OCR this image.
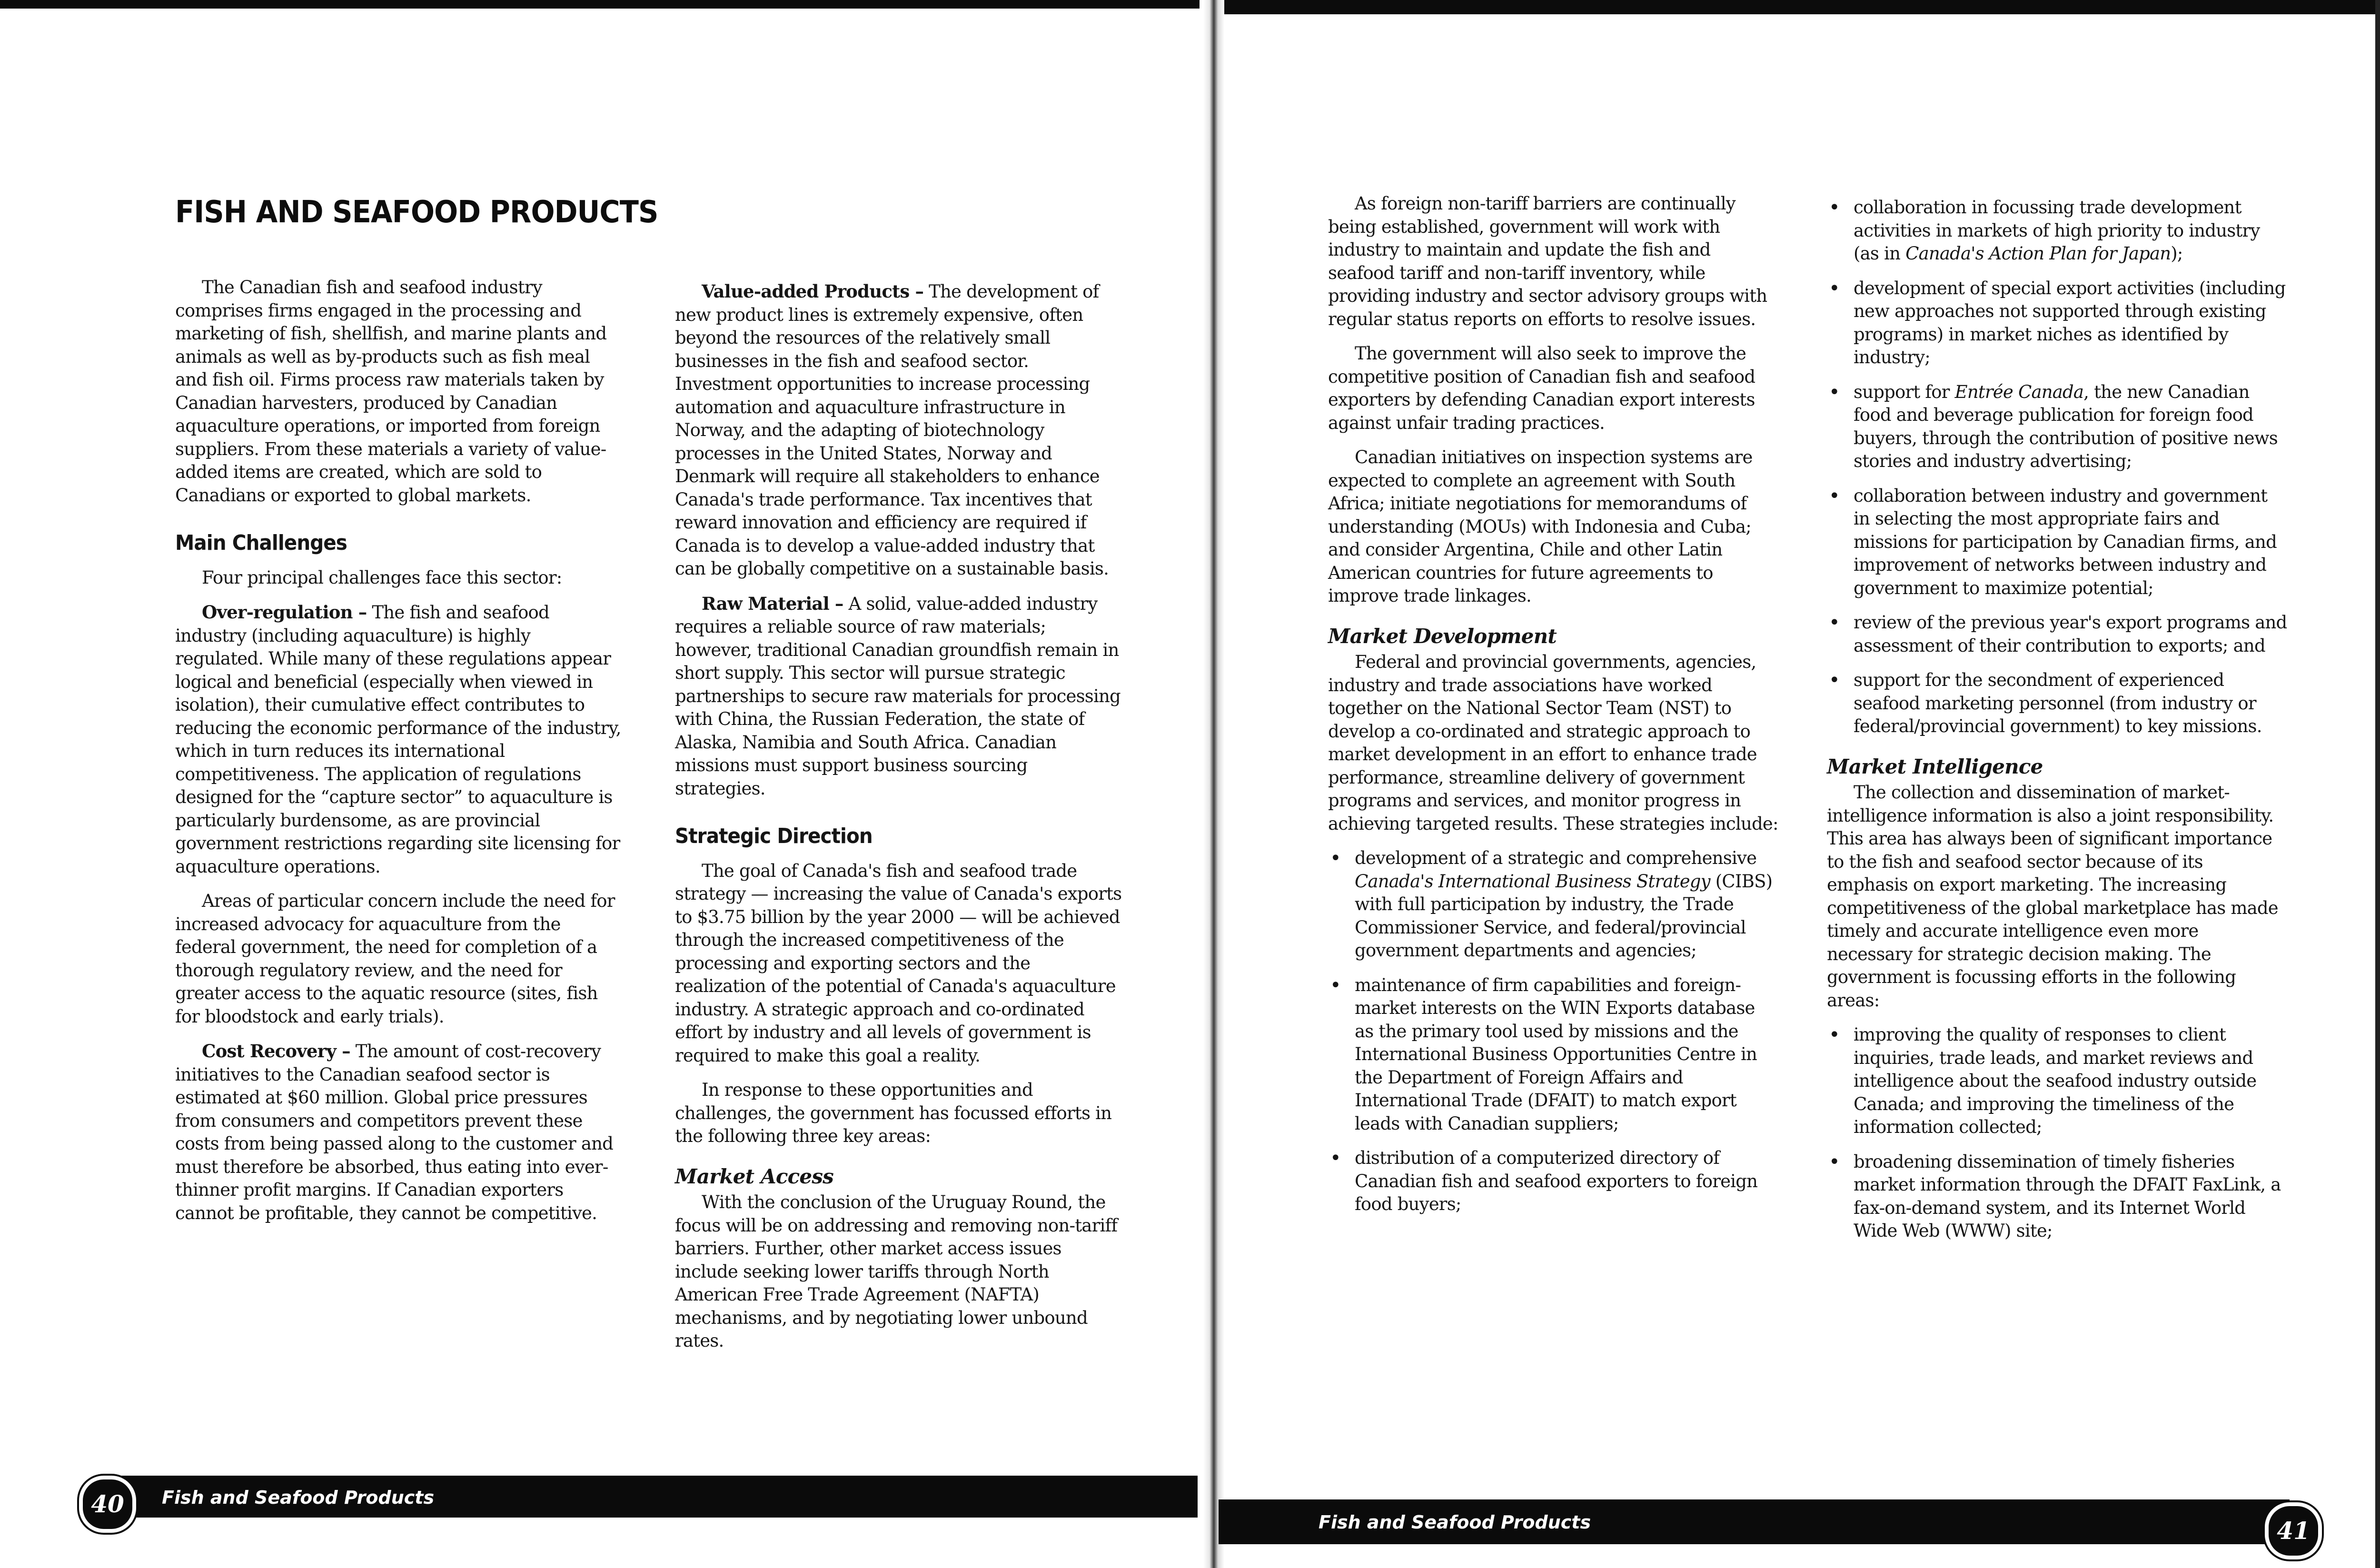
FISH AND SEAFOOD PRODUCTS

The Canadian fish and seafood industry comprises firms engaged in the processing and marketing of fish, shellfish, and marine plants and animals as well as by-products such as fish meal and fish oil. Firms process raw materials taken by Canadian harvesters, produced by Canadian aquaculture operations, or imported from foreign suppliers. From these materials a variety of value-added items are created, which are sold to Canadians or exported to global markets.

Main Challenges

Four principal challenges face this sector:

Over-regulation – The fish and seafood industry (including aquaculture) is highly regulated. While many of these regulations appear logical and beneficial (especially when viewed in isolation), their cumulative effect contributes to reducing the economic performance of the industry, which in turn reduces its international competitiveness. The application of regulations designed for the “capture sector” to aquaculture is particularly burdensome, as are provincial government restrictions regarding site licensing for aquaculture operations.

Areas of particular concern include the need for increased advocacy for aquaculture from the federal government, the need for completion of a thorough regulatory review, and the need for greater access to the aquatic resource (sites, fish for bloodstock and early trials).

Cost Recovery – The amount of cost-recovery initiatives to the Canadian seafood sector is estimated at $60 million. Global price pressures from consumers and competitors prevent these costs from being passed along to the customer and must therefore be absorbed, thus eating into ever-thinner profit margins. If Canadian exporters cannot be profitable, they cannot be competitive.

Value-added Products – The development of new product lines is extremely expensive, often beyond the resources of the relatively small businesses in the fish and seafood sector. Investment opportunities to increase processing automation and aquaculture infrastructure in Norway, and the adapting of biotechnology processes in the United States, Norway and Denmark will require all stakeholders to enhance Canada's trade performance. Tax incentives that reward innovation and efficiency are required if Canada is to develop a value-added industry that can be globally competitive on a sustainable basis.

Raw Material – A solid, value-added industry requires a reliable source of raw materials; however, traditional Canadian groundfish remain in short supply. This sector will pursue strategic partnerships to secure raw materials for processing with China, the Russian Federation, the state of Alaska, Namibia and South Africa. Canadian missions must support business sourcing strategies.

Strategic Direction

The goal of Canada's fish and seafood trade strategy — increasing the value of Canada's exports to $3.75 billion by the year 2000 — will be achieved through the increased competitiveness of the processing and exporting sectors and the realization of the potential of Canada's aquaculture industry. A strategic approach and co-ordinated effort by industry and all levels of government is required to make this goal a reality.

In response to these opportunities and challenges, the government has focussed efforts in the following three key areas:

Market Access

With the conclusion of the Uruguay Round, the focus will be on addressing and removing non-tariff barriers. Further, other market access issues include seeking lower tariffs through North American Free Trade Agreement (NAFTA) mechanisms, and by negotiating lower unbound rates.

As foreign non-tariff barriers are continually being established, government will work with industry to maintain and update the fish and seafood tariff and non-tariff inventory, while providing industry and sector advisory groups with regular status reports on efforts to resolve issues.

The government will also seek to improve the competitive position of Canadian fish and seafood exporters by defending Canadian export interests against unfair trading practices.

Canadian initiatives on inspection systems are expected to complete an agreement with South Africa; initiate negotiations for memorandums of understanding (MOUs) with Indonesia and Cuba; and consider Argentina, Chile and other Latin American countries for future agreements to improve trade linkages.

Market Development

Federal and provincial governments, agencies, industry and trade associations have worked together on the National Sector Team (NST) to develop a co-ordinated and strategic approach to market development in an effort to enhance trade performance, streamline delivery of government programs and services, and monitor progress in achieving targeted results. These strategies include:

• development of a strategic and comprehensive Canada's International Business Strategy (CIBS) with full participation by industry, the Trade Commissioner Service, and federal/provincial government departments and agencies;
• maintenance of firm capabilities and foreign-market interests on the WIN Exports database as the primary tool used by missions and the International Business Opportunities Centre in the Department of Foreign Affairs and International Trade (DFAIT) to match export leads with Canadian suppliers;
• distribution of a computerized directory of Canadian fish and seafood exporters to foreign food buyers;
• collaboration in focussing trade development activities in markets of high priority to industry (as in Canada's Action Plan for Japan);
• development of special export activities (including new approaches not supported through existing programs) in market niches as identified by industry;
• support for Entrée Canada, the new Canadian food and beverage publication for foreign food buyers, through the contribution of positive news stories and industry advertising;
• collaboration between industry and government in selecting the most appropriate fairs and missions for participation by Canadian firms, and improvement of networks between industry and government to maximize potential;
• review of the previous year's export programs and assessment of their contribution to exports; and
• support for the secondment of experienced seafood marketing personnel (from industry or federal/provincial government) to key missions.
Market Intelligence

The collection and dissemination of market-intelligence information is also a joint responsibility. This area has always been of significant importance to the fish and seafood sector because of its emphasis on export marketing. The increasing competitiveness of the global marketplace has made timely and accurate intelligence even more necessary for strategic decision making. The government is focussing efforts in the following areas:

• improving the quality of responses to client inquiries, trade leads, and market reviews and intelligence about the seafood industry outside Canada; and improving the timeliness of the information collected;
• broadening dissemination of timely fisheries market information through the DFAIT FaxLink, a fax-on-demand system, and its Internet World Wide Web (WWW) site;
Fish and Seafood Products
40
Fish and Seafood Products	41
